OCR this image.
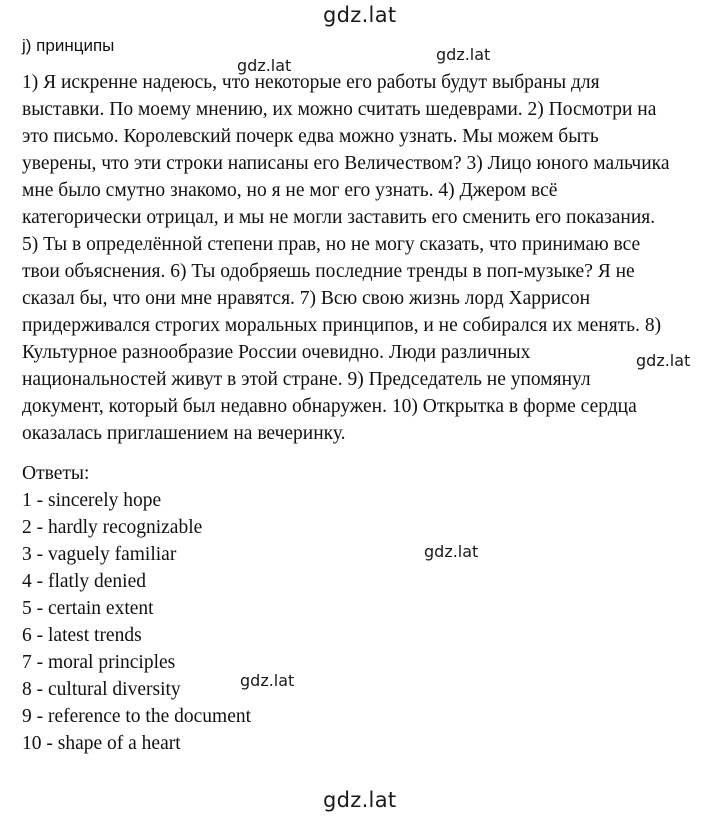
gdz.lat
gdz.lat
gdz.lat
gdz.lat
gdz.lat
gdz.lat
gdz.lat
j) принципы

1) Я искренне надеюсь, что некоторые его работы будут выбраны для
выставки. По моему мнению, их можно считать шедеврами. 2) Посмотри на
это письмо. Королевский почерк едва можно узнать. Мы можем быть
уверены, что эти строки написаны его Величеством? 3) Лицо юного мальчика
мне было смутно знакомо, но я не мог его узнать. 4) Джером всё
категорически отрицал, и мы не могли заставить его сменить его показания.
5) Ты в определённой степени прав, но не могу сказать, что принимаю все
твои объяснения. 6) Ты одобряешь последние тренды в поп-музыке? Я не
сказал бы, что они мне нравятся. 7) Всю свою жизнь лорд Харрисон
придерживался строгих моральных принципов, и не собирался их менять. 8)
Культурное разнообразие России очевидно. Люди различных
национальностей живут в этой стране. 9) Председатель не упомянул
документ, который был недавно обнаружен. 10) Открытка в форме сердца
оказалась приглашением на вечеринку.

Ответы:
1 - sincerely hope
2 - hardly recognizable
3 - vaguely familiar
4 - flatly denied
5 - certain extent
6 - latest trends
7 - moral principles
8 - cultural diversity
9 - reference to the document
10 - shape of a heart
